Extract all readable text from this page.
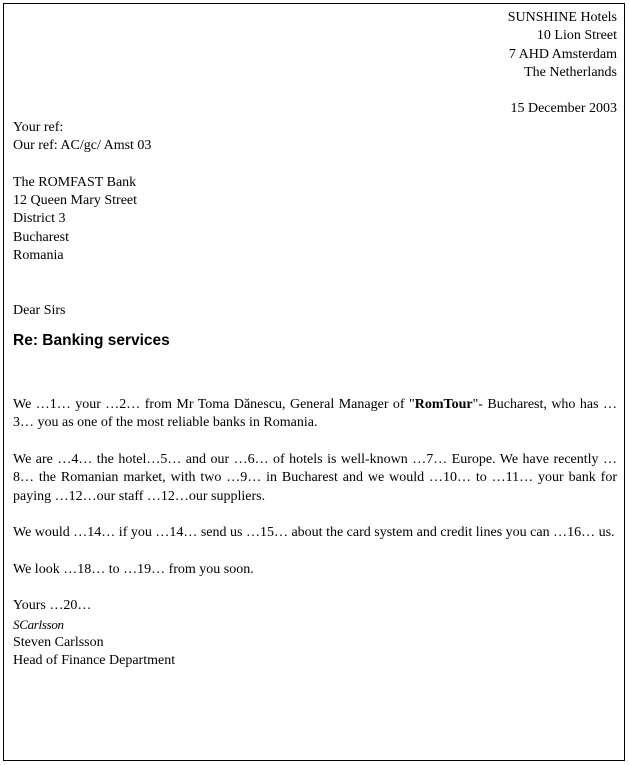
SUNSHINE Hotels
10 Lion Street
7 AHD Amsterdam
The Netherlands
15 December 2003
Your ref:
Our ref: AC/gc/ Amst 03
The ROMFAST Bank
12 Queen Mary Street
District 3
Bucharest
Romania
Dear Sirs
Re: Banking services

We …1… your …2… from Mr Toma Dănescu, General Manager of "RomTour"- Bucharest, who has …3… you as one of the most reliable banks in Romania.

We are …4… the hotel…5… and our …6… of hotels is well-known …7… Europe. We have recently …8… the Romanian market, with two …9… in Bucharest and we would …10… to …11… your bank for paying …12…our staff …12…our suppliers.

We would …14… if you …14… send us …15… about the card system and credit lines you can …16… us.

We look …18… to …19… from you soon.

Yours …20…
SCarlsson
Steven Carlsson
Head of Finance Department
